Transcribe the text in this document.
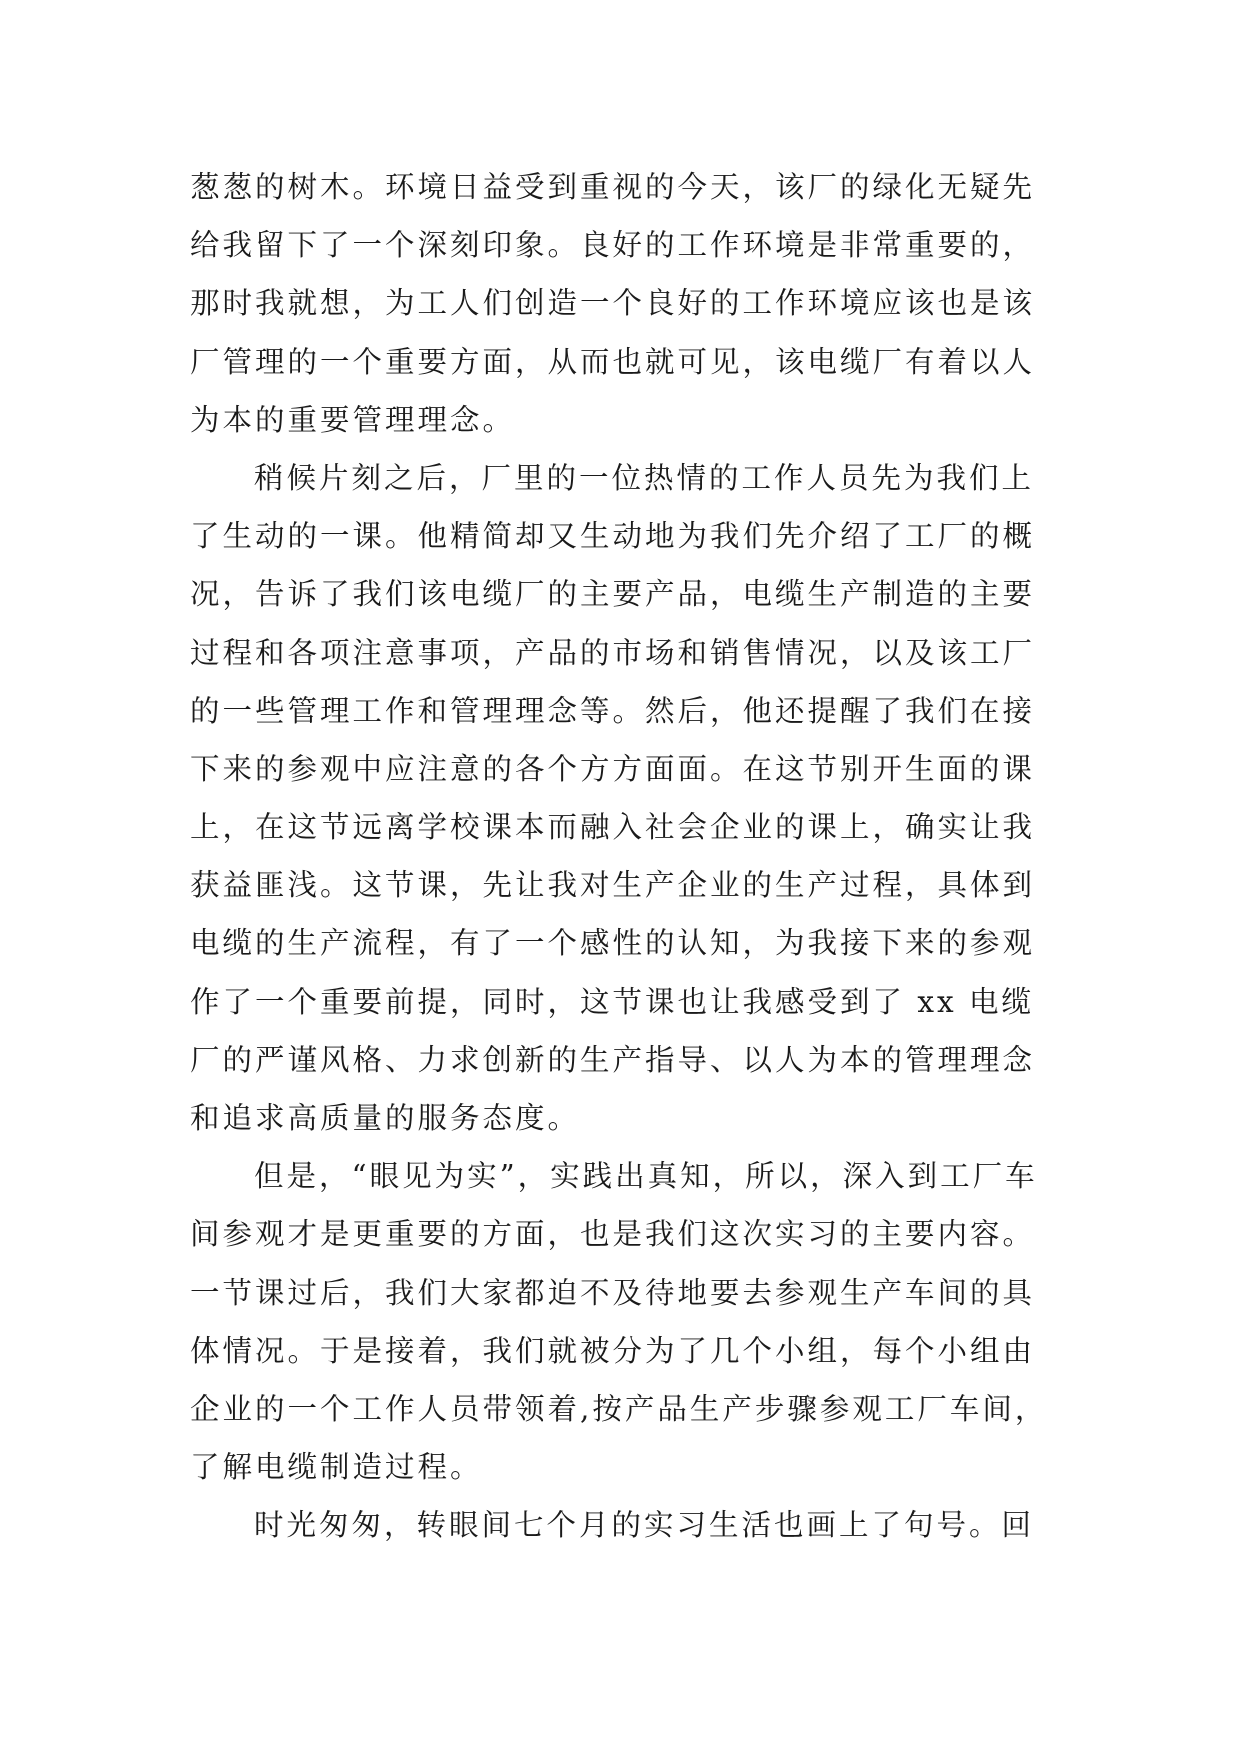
葱葱的树木。环境日益受到重视的今天，该厂的绿化无疑先
给我留下了一个深刻印象。良好的工作环境是非常重要的，
那时我就想，为工人们创造一个良好的工作环境应该也是该
厂管理的一个重要方面，从而也就可见，该电缆厂有着以人
为本的重要管理理念。
稍候片刻之后，厂里的一位热情的工作人员先为我们上
了生动的一课。他精简却又生动地为我们先介绍了工厂的概
况，告诉了我们该电缆厂的主要产品，电缆生产制造的主要
过程和各项注意事项，产品的市场和销售情况，以及该工厂
的一些管理工作和管理理念等。然后，他还提醒了我们在接
下来的参观中应注意的各个方方面面。在这节别开生面的课
上，在这节远离学校课本而融入社会企业的课上，确实让我
获益匪浅。这节课，先让我对生产企业的生产过程，具体到
电缆的生产流程，有了一个感性的认知，为我接下来的参观
作了一个重要前提，同时，这节课也让我感受到了 xx 电缆
厂的严谨风格、力求创新的生产指导、以人为本的管理理念
和追求高质量的服务态度。
但是，“眼见为实”，实践出真知，所以，深入到工厂车
间参观才是更重要的方面，也是我们这次实习的主要内容。
一节课过后，我们大家都迫不及待地要去参观生产车间的具
体情况。于是接着，我们就被分为了几个小组，每个小组由
企业的一个工作人员带领着,按产品生产步骤参观工厂车间，
了解电缆制造过程。
时光匆匆，转眼间七个月的实习生活也画上了句号。回
